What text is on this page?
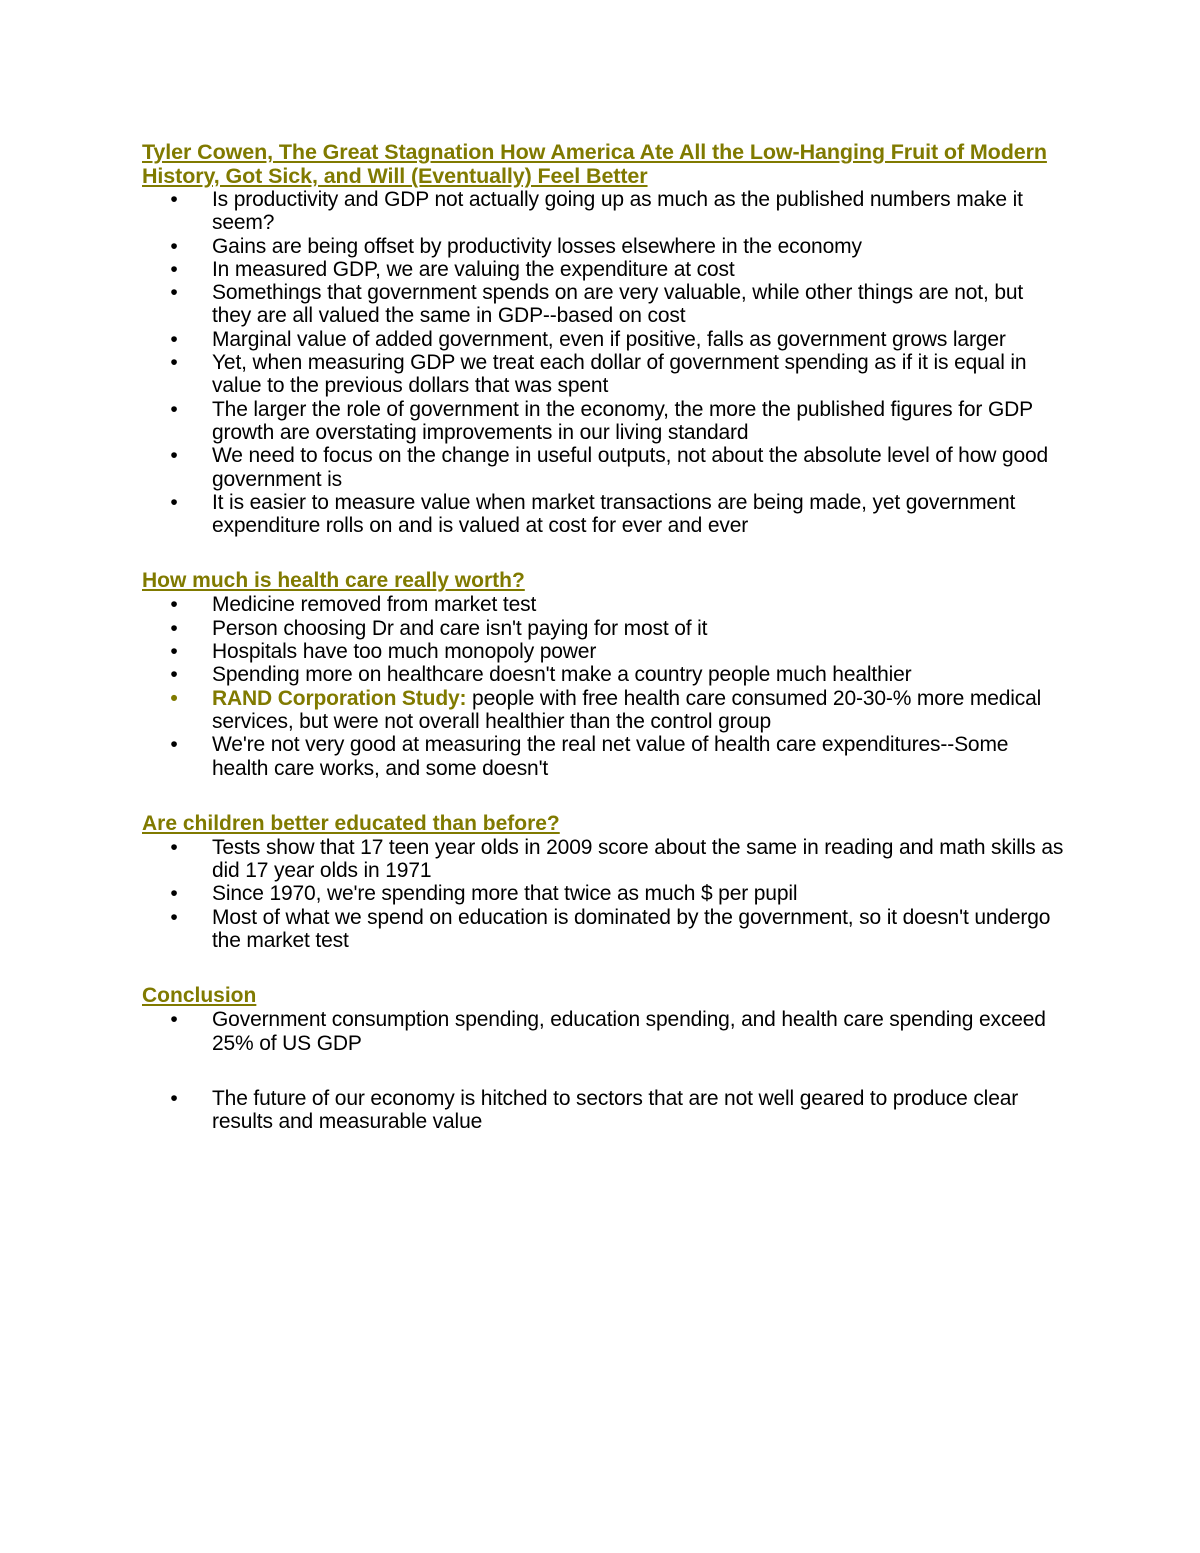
Tyler Cowen, The Great Stagnation How America Ate All the Low-Hanging Fruit of Modern History, Got Sick, and Will (Eventually) Feel Better
•	Is productivity and GDP not actually going up as much as the published numbers make it seem?
•	Gains are being offset by productivity losses elsewhere in the economy
•	In measured GDP, we are valuing the expenditure at cost
•	Somethings that government spends on are very valuable, while other things are not, but they are all valued the same in GDP--based on cost
•	Marginal value of added government, even if positive, falls as government grows larger
•	Yet, when measuring GDP we treat each dollar of government spending as if it is equal in value to the previous dollars that was spent
•	The larger the role of government in the economy, the more the published figures for GDP growth are overstating improvements in our living standard
•	We need to focus on the change in useful outputs, not about the absolute level of how good government is
•	It is easier to measure value when market transactions are being made, yet government expenditure rolls on and is valued at cost for ever and ever
How much is health care really worth?
•	Medicine removed from market test
•	Person choosing Dr and care isn't paying for most of it
•	Hospitals have too much monopoly power
•	Spending more on healthcare doesn't make a country people much healthier
•	RAND Corporation Study: people with free health care consumed 20-30-% more medical services, but were not overall healthier than the control group
•	We're not very good at measuring the real net value of health care expenditures--Some health care works, and some doesn't
Are children better educated than before?
•	Tests show that 17 teen year olds in 2009 score about the same in reading and math skills as did 17 year olds in 1971
•	Since 1970, we're spending more that twice as much $ per pupil
•	Most of what we spend on education is dominated by the government, so it doesn't undergo the market test
Conclusion
•	Government consumption spending, education spending, and health care spending exceed 25% of US GDP
•	The future of our economy is hitched to sectors that are not well geared to produce clear results and measurable value
